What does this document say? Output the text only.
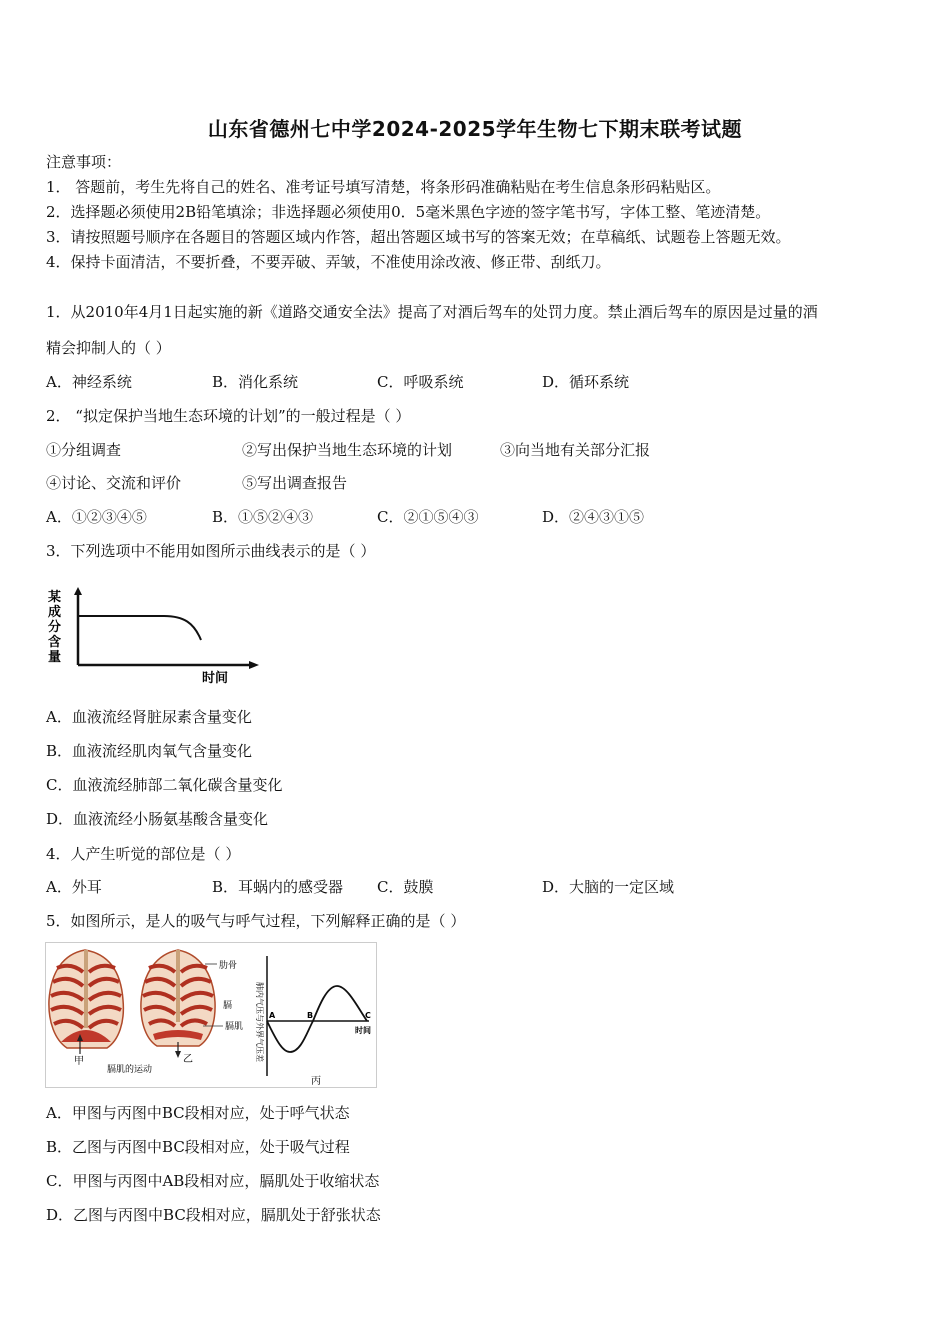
山东省德州七中学2024-2025学年生物七下期末联考试题
注意事项：
1． 答题前，考生先将自己的姓名、准考证号填写清楚，将条形码准确粘贴在考生信息条形码粘贴区。
2．选择题必须使用2B铅笔填涂；非选择题必须使用0．5毫米黑色字迹的签字笔书写，字体工整、笔迹清楚。
3．请按照题号顺序在各题目的答题区域内作答，超出答题区域书写的答案无效；在草稿纸、试题卷上答题无效。
4．保持卡面清洁，不要折叠，不要弄破、弄皱，不准使用涂改液、修正带、刮纸刀。
1．从2010年4月1日起实施的新《道路交通安全法》提高了对酒后驾车的处罚力度。禁止酒后驾车的原因是过量的酒
精会抑制人的（ ）
A．神经系统	B．消化系统	C．呼吸系统	D．循环系统
2． “拟定保护当地生态环境的计划”的一般过程是（ ）
①分组调查	②写出保护当地生态环境的计划	③向当地有关部分汇报
④讨论、交流和评价	⑤写出调查报告
A．①②③④⑤	B．①⑤②④③	C．②①⑤④③	D．②④③①⑤
3．下列选项中不能用如图所示曲线表示的是（ ）
某
成
分
含
量
时间
A．血液流经肾脏尿素含量变化
B．血液流经肌肉氧气含量变化
C．血液流经肺部二氧化碳含量变化
D．血液流经小肠氨基酸含量变化
4．人产生听觉的部位是（ ）
A．外耳	B．耳蜗内的感受器 C．鼓膜	D．大脑的一定区域
5．如图所示，是人的吸气与呼气过程，下列解释正确的是（ ）
甲
膈肌的运动
乙
肋骨
膈
膈肌 肺内气压与外界气压差 A	B	C
时间
丙
A．甲图与丙图中BC段相对应，处于呼气状态
B．乙图与丙图中BC段相对应，处于吸气过程
C．甲图与丙图中AB段相对应，膈肌处于收缩状态
D．乙图与丙图中BC段相对应，膈肌处于舒张状态
